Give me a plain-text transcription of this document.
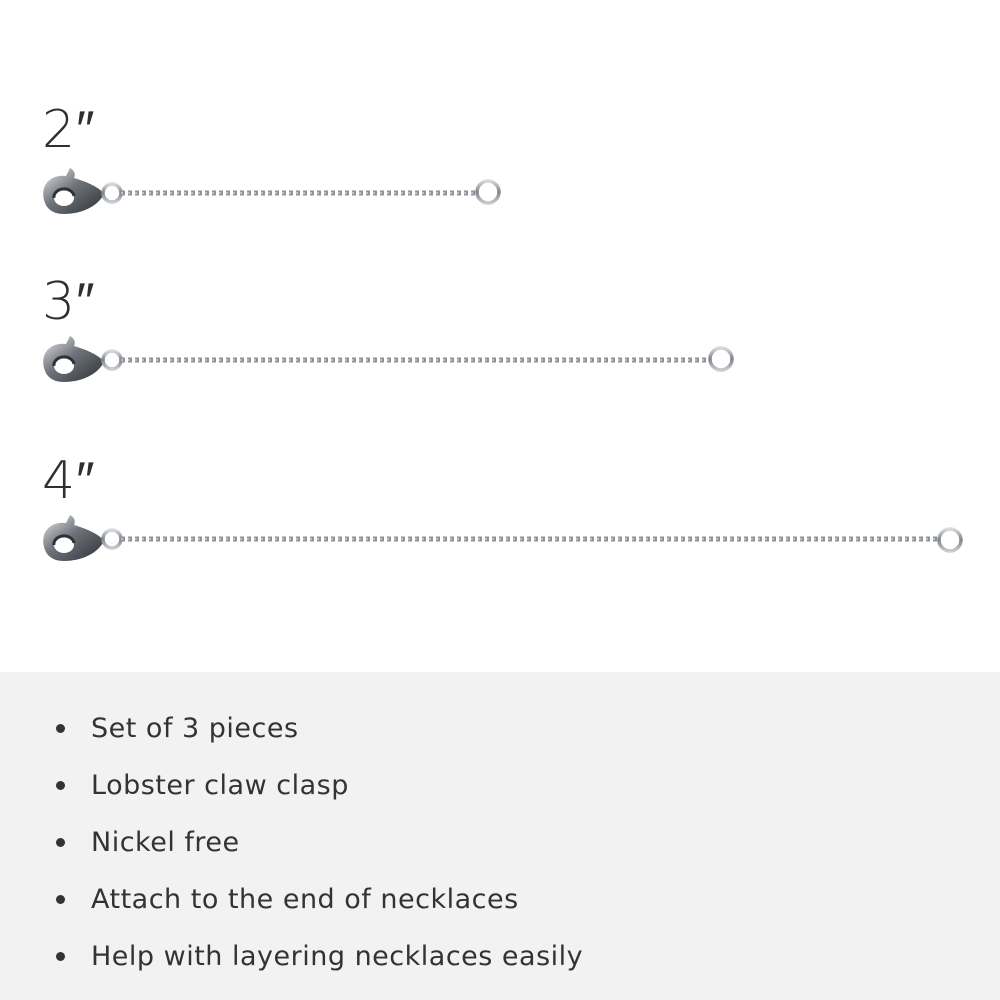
2″
3″
4″
Set of 3 pieces
Lobster claw clasp
Nickel free
Attach to the end of necklaces
Help with layering necklaces easily
